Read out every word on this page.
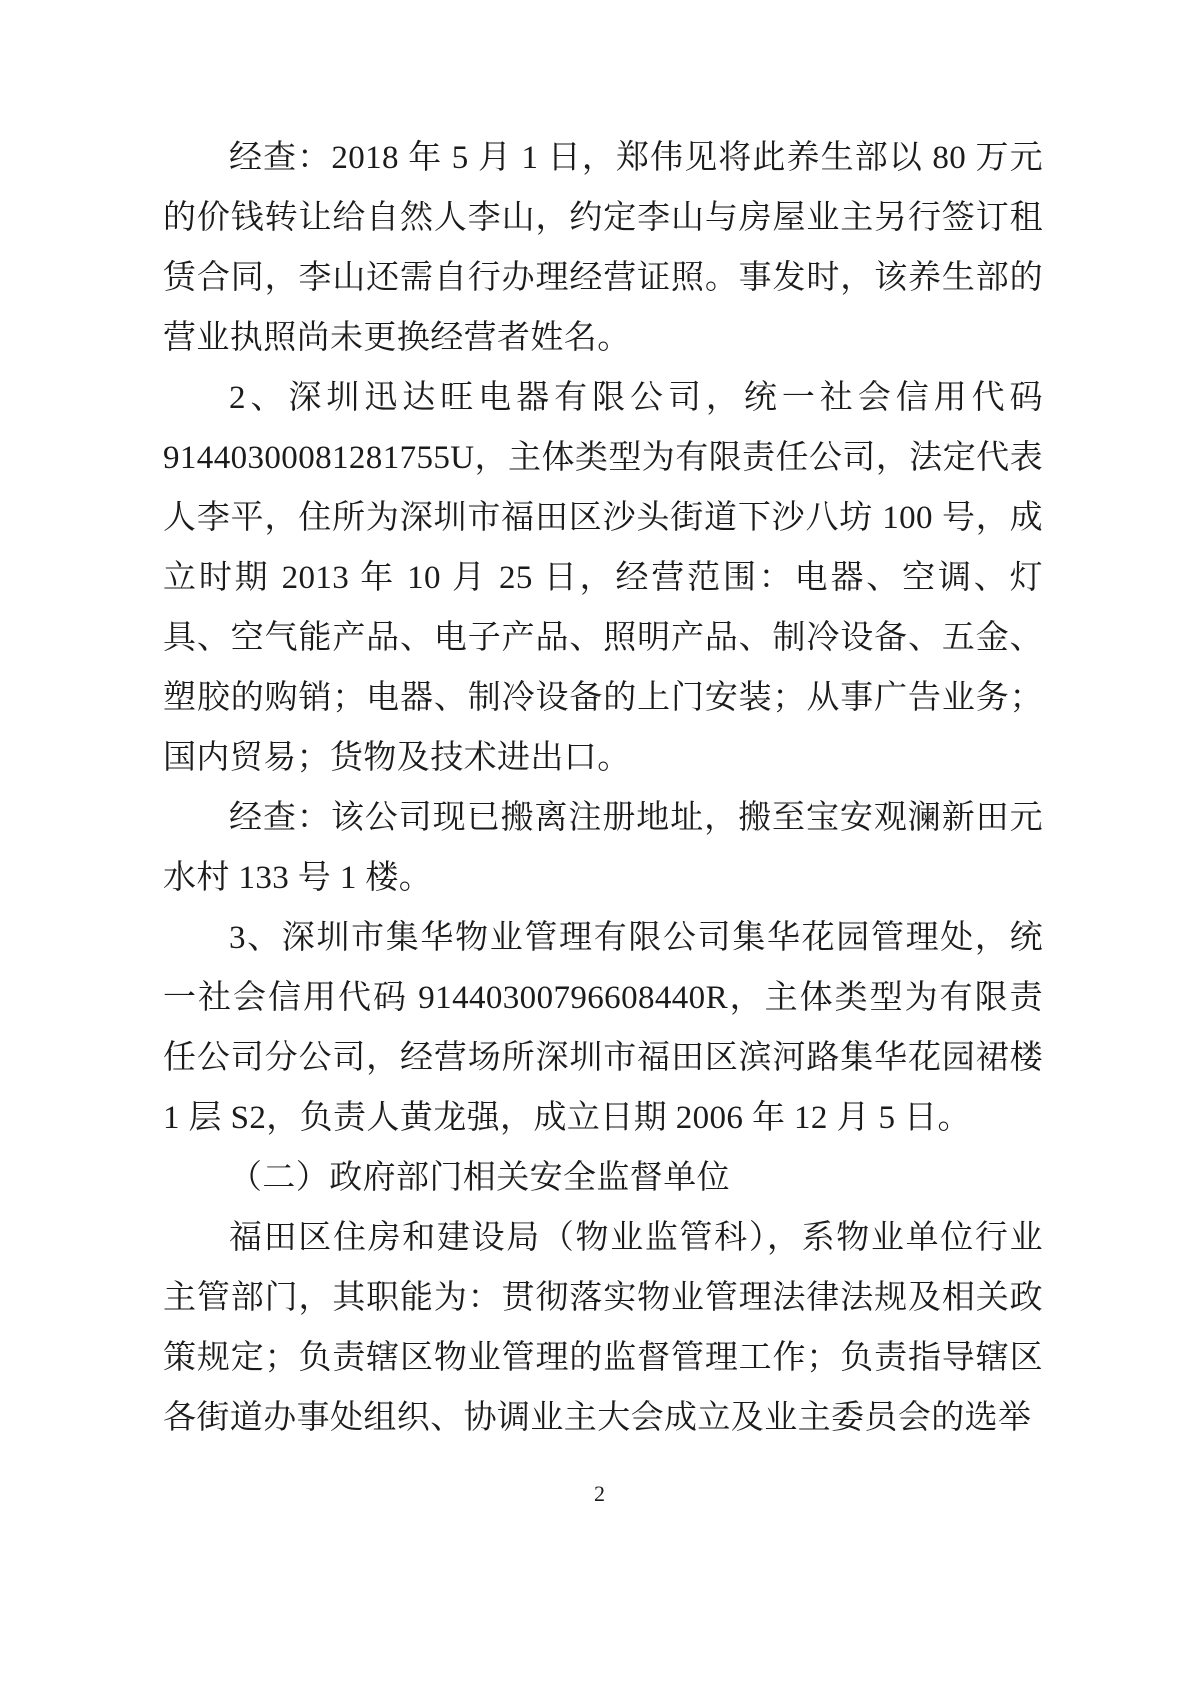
经查：2018 年 5 月 1 日，郑伟见将此养生部以 80 万元的价钱转让给自然人李山，约定李山与房屋业主另行签订租赁合同，李山还需自行办理经营证照。事发时，该养生部的营业执照尚未更换经营者姓名。

2、深圳迅达旺电器有限公司，统一社会信用代码 91440300081281755U，主体类型为有限责任公司，法定代表人李平，住所为深圳市福田区沙头街道下沙八坊 100 号，成立时期 2013 年 10 月 25 日，经营范围：电器、空调、灯具、空气能产品、电子产品、照明产品、制冷设备、五金、塑胶的购销；电器、制冷设备的上门安装；从事广告业务；国内贸易；货物及技术进出口。

经查：该公司现已搬离注册地址，搬至宝安观澜新田元水村 133 号 1 楼。

3、深圳市集华物业管理有限公司集华花园管理处，统一社会信用代码 91440300796608440R，主体类型为有限责任公司分公司，经营场所深圳市福田区滨河路集华花园裙楼 1 层 S2，负责人黄龙强，成立日期 2006 年 12 月 5 日。

（二）政府部门相关安全监督单位

福田区住房和建设局（物业监管科），系物业单位行业主管部门，其职能为：贯彻落实物业管理法律法规及相关政策规定；负责辖区物业管理的监督管理工作；负责指导辖区各街道办事处组织、协调业主大会成立及业主委员会的选举

2
